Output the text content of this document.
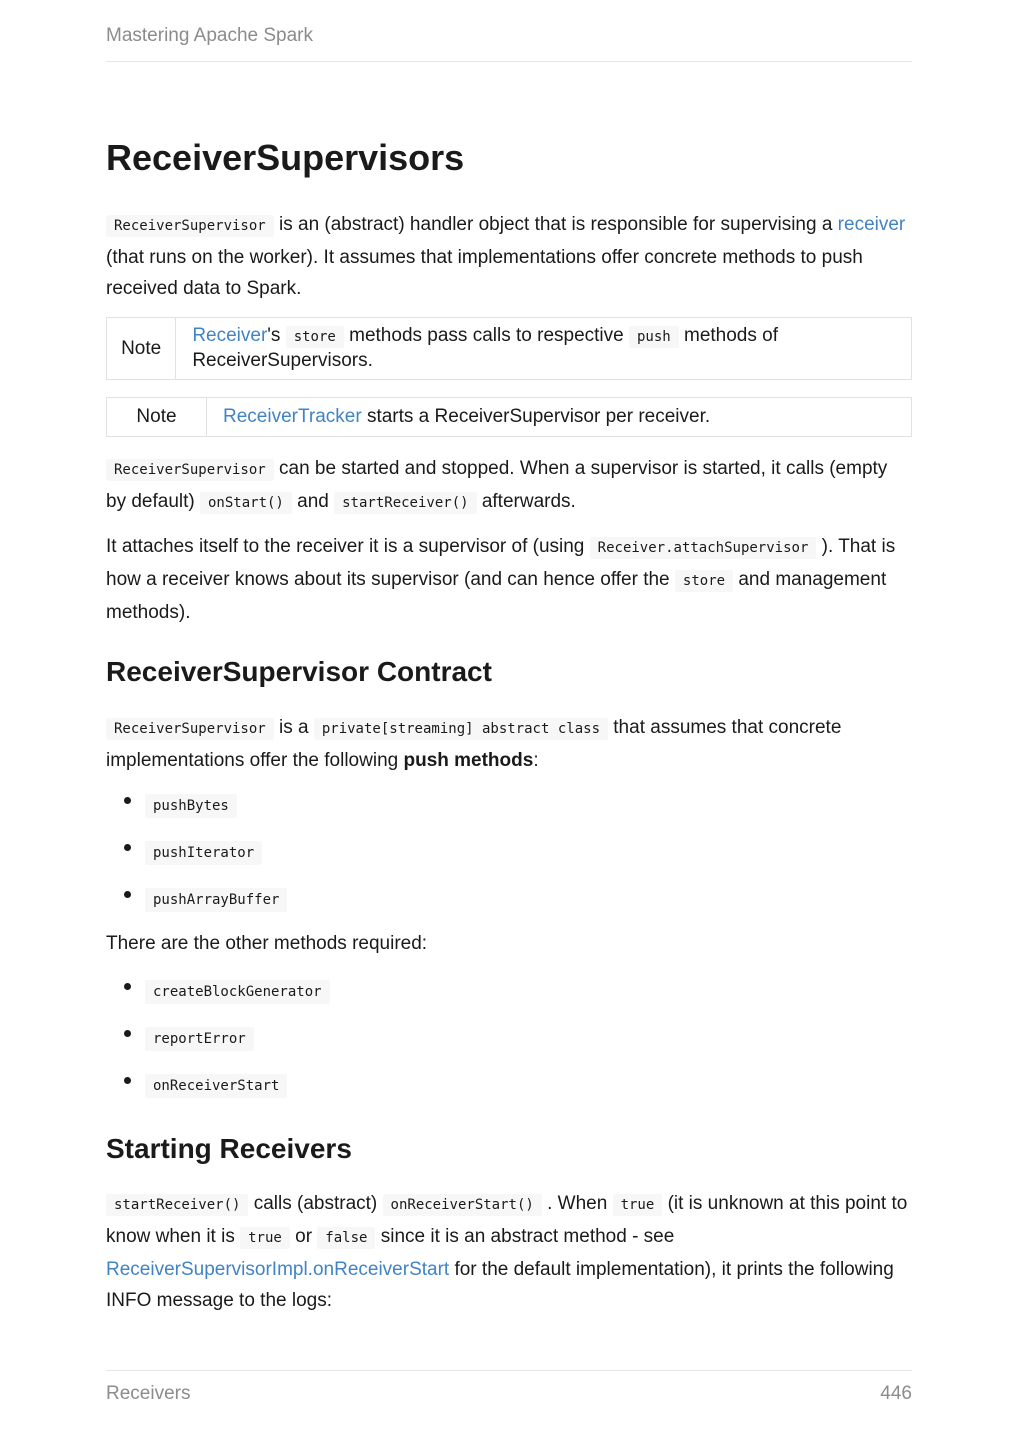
Mastering Apache Spark
ReceiverSupervisors

ReceiverSupervisor is an (abstract) handler object that is responsible for supervising a receiver (that runs on the worker). It assumes that implementations offer concrete methods to push received data to Spark.

Note
Receiver's store methods pass calls to respective push methods of ReceiverSupervisors.
Note	ReceiverTracker starts a ReceiverSupervisor per receiver.

ReceiverSupervisor can be started and stopped. When a supervisor is started, it calls (empty by default) onStart() and startReceiver() afterwards.

It attaches itself to the receiver it is a supervisor of (using Receiver.attachSupervisor ). That is how a receiver knows about its supervisor (and can hence offer the store and management methods).

ReceiverSupervisor Contract

ReceiverSupervisor is a private[streaming] abstract class that assumes that concrete implementations offer the following push methods:

pushBytes
pushIterator
pushArrayBuffer

There are the other methods required:

createBlockGenerator
reportError
onReceiverStart
Starting Receivers

startReceiver() calls (abstract) onReceiverStart() . When true (it is unknown at this point to know when it is true or false since it is an abstract method - see ReceiverSupervisorImpl.onReceiverStart for the default implementation), it prints the following INFO message to the logs:

Receivers	446
